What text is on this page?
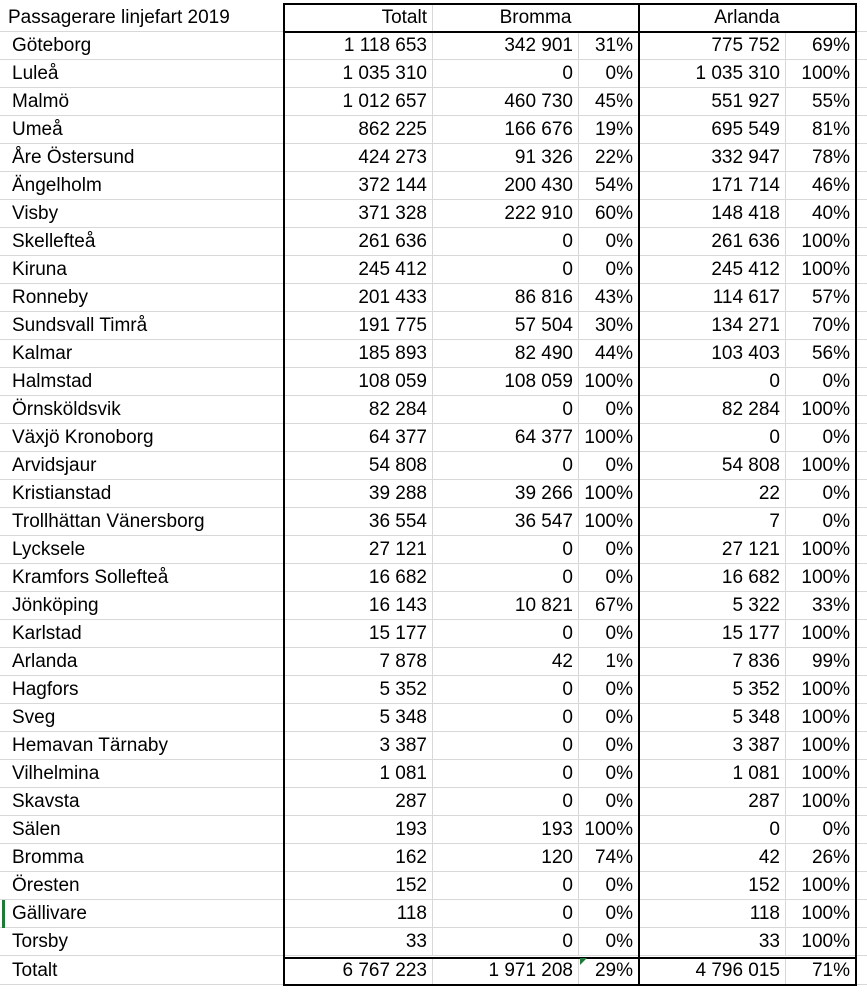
Passagerare linjefart 2019	Totalt	Bromma	Arlanda
Göteborg	1 118 653	342 901	31%	775 752	69%
Luleå	1 035 310	0	0%	1 035 310	100%
Malmö	1 012 657	460 730	45%	551 927	55%
Umeå	862 225	166 676	19%	695 549	81%
Åre Östersund	424 273	91 326	22%	332 947	78%
Ängelholm	372 144	200 430	54%	171 714	46%
Visby	371 328	222 910	60%	148 418	40%
Skellefteå	261 636	0	0%	261 636	100%
Kiruna	245 412	0	0%	245 412	100%
Ronneby	201 433	86 816	43%	114 617	57%
Sundsvall Timrå	191 775	57 504	30%	134 271	70%
Kalmar	185 893	82 490	44%	103 403	56%
Halmstad	108 059	108 059 100%	0	0%
Örnsköldsvik	82 284	0	0%	82 284	100%
Växjö Kronoborg	64 377	64 377 100%	0	0%
Arvidsjaur	54 808	0	0%	54 808	100%
Kristianstad	39 288	39 266 100%	22	0%
Trollhättan Vänersborg	36 554	36 547 100%	7	0%
Lycksele	27 121	0	0%	27 121	100%
Kramfors Sollefteå	16 682	0	0%	16 682	100%
Jönköping	16 143	10 821	67%	5 322	33%
Karlstad	15 177	0	0%	15 177	100%
Arlanda	7 878	42	1%	7 836	99%
Hagfors	5 352	0	0%	5 352	100%
Sveg	5 348	0	0%	5 348	100%
Hemavan Tärnaby	3 387	0	0%	3 387	100%
Vilhelmina	1 081	0	0%	1 081	100%
Skavsta	287	0	0%	287	100%
Sälen	193	193 100%	0	0%
Bromma	162	120	74%	42	26%
Öresten	152	0	0%	152	100%
Gällivare	118	0	0%	118	100%
Torsby	33	0	0%	33	100%
Totalt	6 767 223	1 971 208	29%	4 796 015	71%
